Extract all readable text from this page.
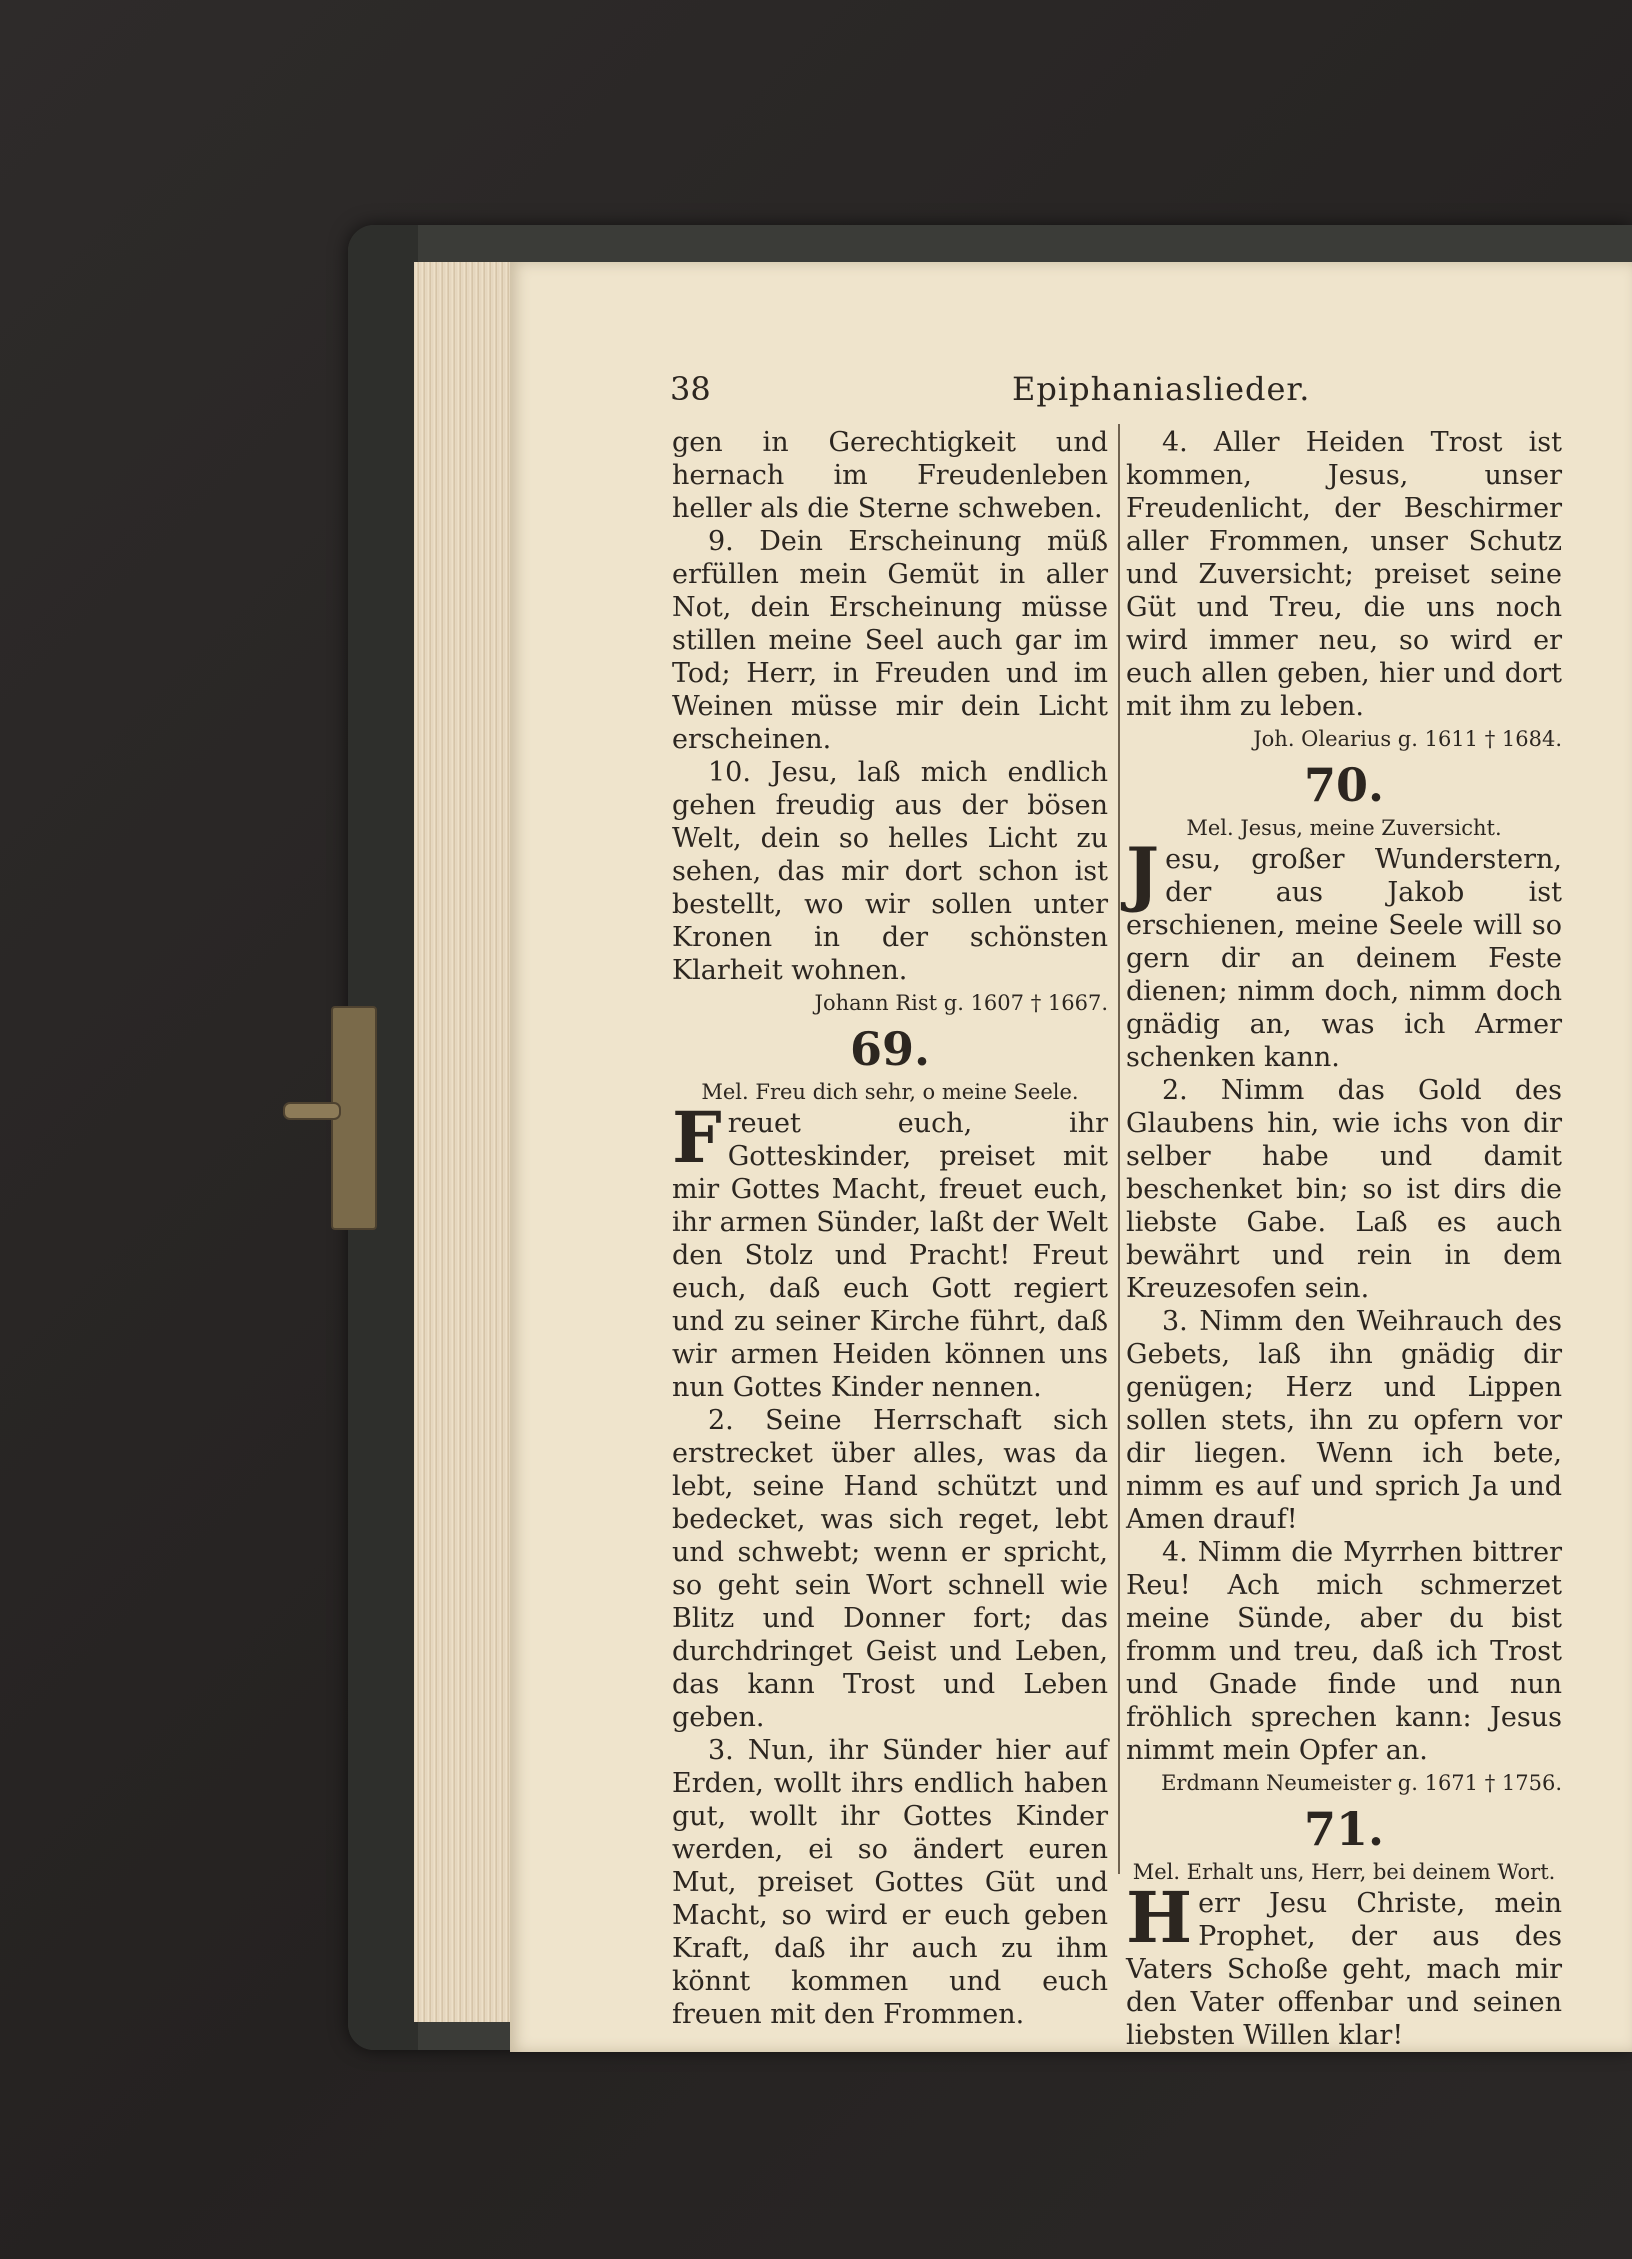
38	Epiphaniaslieder.

gen in Gerechtigkeit und hernach im Freudenleben heller als die Sterne schweben.

9. Dein Erscheinung müß erfüllen mein Gemüt in aller Not, dein Erscheinung müsse stillen meine Seel auch gar im Tod; Herr, in Freuden und im Weinen müsse mir dein Licht erscheinen.

10. Jesu, laß mich endlich gehen freudig aus der bösen Welt, dein so helles Licht zu sehen, das mir dort schon ist bestellt, wo wir sollen unter Kronen in der schönsten Klarheit wohnen.

Johann Rist g. 1607 † 1667.
69.
Mel. Freu dich sehr, o meine Seele.

Freuet euch, ihr Gotteskinder, preiset mit mir Gottes Macht, freuet euch, ihr armen Sünder, laßt der Welt den Stolz und Pracht! Freut euch, daß euch Gott regiert und zu seiner Kirche führt, daß wir armen Heiden können uns nun Gottes Kinder nennen.

2. Seine Herrschaft sich erstrecket über alles, was da lebt, seine Hand schützt und bedecket, was sich reget, lebt und schwebt; wenn er spricht, so geht sein Wort schnell wie Blitz und Donner fort; das durchdringet Geist und Leben, das kann Trost und Leben geben.

3. Nun, ihr Sünder hier auf Erden, wollt ihrs endlich haben gut, wollt ihr Gottes Kinder werden, ei so ändert euren Mut, preiset Gottes Güt und Macht, so wird er euch geben Kraft, daß ihr auch zu ihm könnt kommen und euch freuen mit den Frommen.

4. Aller Heiden Trost ist kommen, Jesus, unser Freudenlicht, der Beschirmer aller Frommen, unser Schutz und Zuversicht; preiset seine Güt und Treu, die uns noch wird immer neu, so wird er euch allen geben, hier und dort mit ihm zu leben.

Joh. Olearius g. 1611 † 1684.
70.
Mel. Jesus, meine Zuversicht.

Jesu, großer Wunderstern, der aus Jakob ist erschienen, meine Seele will so gern dir an deinem Feste dienen; nimm doch, nimm doch gnädig an, was ich Armer schenken kann.

2. Nimm das Gold des Glaubens hin, wie ichs von dir selber habe und damit beschenket bin; so ist dirs die liebste Gabe. Laß es auch bewährt und rein in dem Kreuzesofen sein.

3. Nimm den Weihrauch des Gebets, laß ihn gnädig dir genügen; Herz und Lippen sollen stets, ihn zu opfern vor dir liegen. Wenn ich bete, nimm es auf und sprich Ja und Amen drauf!

4. Nimm die Myrrhen bittrer Reu! Ach mich schmerzet meine Sünde, aber du bist fromm und treu, daß ich Trost und Gnade finde und nun fröhlich sprechen kann: Jesus nimmt mein Opfer an.

Erdmann Neumeister g. 1671 † 1756.
71.
Mel. Erhalt uns, Herr, bei deinem Wort.

Herr Jesu Christe, mein Prophet, der aus des Vaters Schoße geht, mach mir den Vater offenbar und seinen liebsten Willen klar!
